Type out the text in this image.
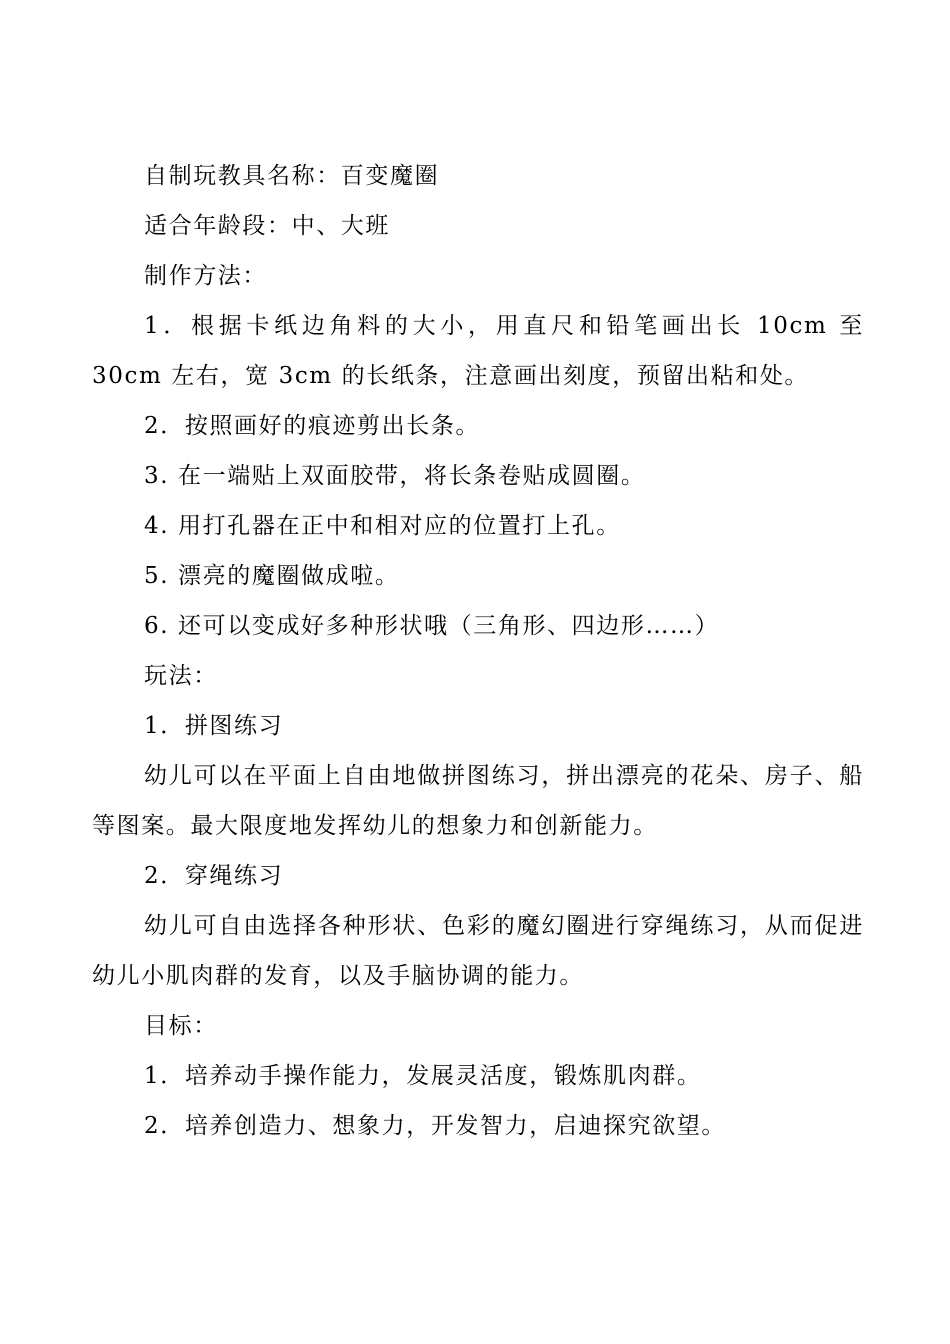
自制玩教具名称：百变魔圈

适合年龄段：中、大班

制作方法：

1．根据卡纸边角料的大小，用直尺和铅笔画出长 10cm 至 30cm 左右，宽 3cm 的长纸条，注意画出刻度，预留出粘和处。

2．按照画好的痕迹剪出长条。

3. 在一端贴上双面胶带，将长条卷贴成圆圈。

4. 用打孔器在正中和相对应的位置打上孔。

5. 漂亮的魔圈做成啦。

6. 还可以变成好多种形状哦（三角形、四边形……）

玩法：

1．拼图练习

幼儿可以在平面上自由地做拼图练习，拼出漂亮的花朵、房子、船等图案。最大限度地发挥幼儿的想象力和创新能力。

2．穿绳练习

幼儿可自由选择各种形状、色彩的魔幻圈进行穿绳练习，从而促进幼儿小肌肉群的发育，以及手脑协调的能力。

目标：

1．培养动手操作能力，发展灵活度，锻炼肌肉群。

2．培养创造力、想象力，开发智力，启迪探究欲望。
